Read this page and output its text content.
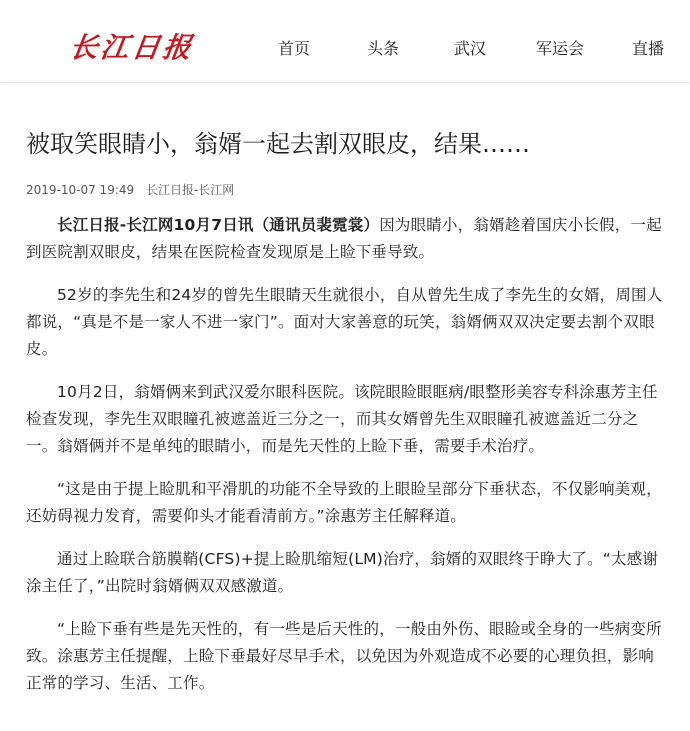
长江日报	首页	头条	武汉	军运会	直播
被取笑眼睛小，翁婿一起去割双眼皮，结果……
2019-10-07 19:49 长江日报-长江网

长江日报-长江网10月7日讯（通讯员裴霓裳）因为眼睛小，翁婿趁着国庆小长假，一起到医院割双眼皮，结果在医院检查发现原是上睑下垂导致。

52岁的李先生和24岁的曾先生眼睛天生就很小，自从曾先生成了李先生的女婿，周围人都说，“真是不是一家人不进一家门”。面对大家善意的玩笑，翁婿俩双双决定要去割个双眼皮。

10月2日，翁婿俩来到武汉爱尔眼科医院。该院眼睑眼眶病/眼整形美容专科涂惠芳主任检查发现，李先生双眼瞳孔被遮盖近三分之一，而其女婿曾先生双眼瞳孔被遮盖近二分之一。翁婿俩并不是单纯的眼睛小，而是先天性的上睑下垂，需要手术治疗。

“这是由于提上睑肌和平滑肌的功能不全导致的上眼睑呈部分下垂状态，不仅影响美观，还妨碍视力发育，需要仰头才能看清前方。”涂惠芳主任解释道。

通过上睑联合筋膜鞘(CFS)+提上睑肌缩短(LM)治疗，翁婿的双眼终于睁大了。“太感谢涂主任了，”出院时翁婿俩双双感激道。

“上睑下垂有些是先天性的，有一些是后天性的，一般由外伤、眼睑或全身的一些病变所致。涂惠芳主任提醒，上睑下垂最好尽早手术，以免因为外观造成不必要的心理负担，影响正常的学习、生活、工作。
